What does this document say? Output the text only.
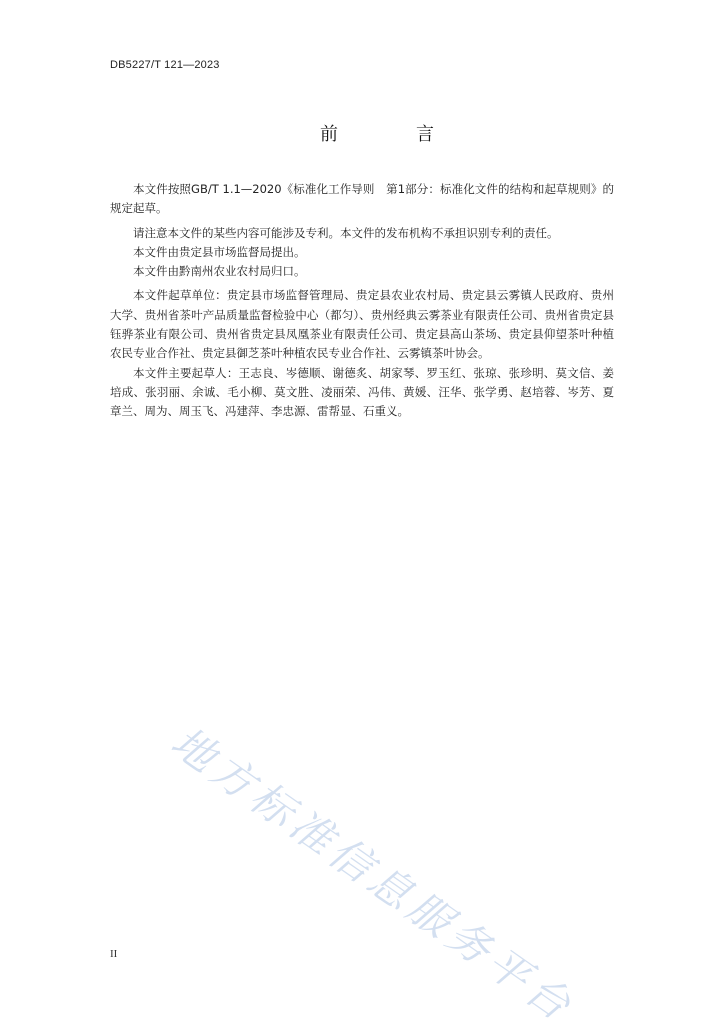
DB5227/T 121—2023
前　言

本文件按照GB/T 1.1—2020《标准化工作导则　第1部分：标准化文件的结构和起草规则》的规定起草。

请注意本文件的某些内容可能涉及专利。本文件的发布机构不承担识别专利的责任。

本文件由贵定县市场监督局提出。

本文件由黔南州农业农村局归口。

本文件起草单位：贵定县市场监督管理局、贵定县农业农村局、贵定县云雾镇人民政府、贵州大学、贵州省茶叶产品质量监督检验中心（都匀）、贵州经典云雾茶业有限责任公司、贵州省贵定县钰骅茶业有限公司、贵州省贵定县凤凰茶业有限责任公司、贵定县高山茶场、贵定县仰望茶叶种植农民专业合作社、贵定县御芝茶叶种植农民专业合作社、云雾镇茶叶协会。

本文件主要起草人：王志良、岑德顺、谢德炙、胡家琴、罗玉红、张琼、张珍明、莫文信、姜培成、张羽丽、余诚、毛小柳、莫文胜、凌丽荣、冯伟、黄媛、汪华、张学勇、赵培蓉、岑芳、夏章兰、周为、周玉飞、冯建萍、李忠源、雷帮显、石重义。

地方标准信息服务平台
II
